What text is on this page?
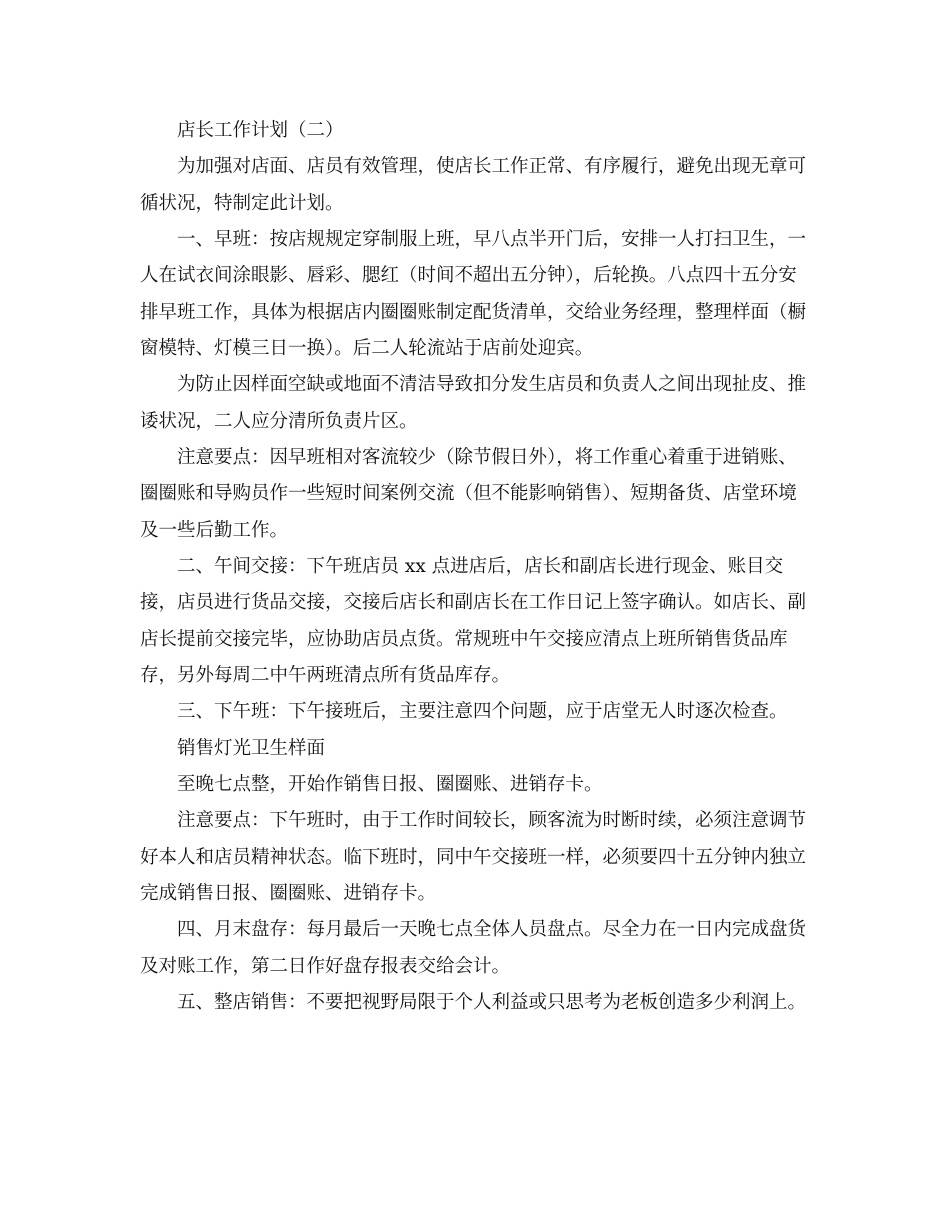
店长工作计划（二）
为加强对店面、店员有效管理，使店长工作正常、有序履行，避免出现无章可
循状况，特制定此计划。
一、早班：按店规规定穿制服上班，早八点半开门后，安排一人打扫卫生，一
人在试衣间涂眼影、唇彩、腮红（时间不超出五分钟），后轮换。八点四十五分安
排早班工作，具体为根据店内圈圈账制定配货清单，交给业务经理，整理样面（橱
窗模特、灯模三日一换）。后二人轮流站于店前处迎宾。
为防止因样面空缺或地面不清洁导致扣分发生店员和负责人之间出现扯皮、推
诿状况，二人应分清所负责片区。
注意要点：因早班相对客流较少（除节假日外），将工作重心着重于进销账、
圈圈账和导购员作一些短时间案例交流（但不能影响销售）、短期备货、店堂环境
及一些后勤工作。
二、午间交接：下午班店员 xx 点进店后，店长和副店长进行现金、账目交
接，店员进行货品交接，交接后店长和副店长在工作日记上签字确认。如店长、副
店长提前交接完毕，应协助店员点货。常规班中午交接应清点上班所销售货品库
存，另外每周二中午两班清点所有货品库存。
三、下午班：下午接班后，主要注意四个问题，应于店堂无人时逐次检查。
销售灯光卫生样面
至晚七点整，开始作销售日报、圈圈账、进销存卡。
注意要点：下午班时，由于工作时间较长，顾客流为时断时续，必须注意调节
好本人和店员精神状态。临下班时，同中午交接班一样，必须要四十五分钟内独立
完成销售日报、圈圈账、进销存卡。
四、月末盘存：每月最后一天晚七点全体人员盘点。尽全力在一日内完成盘货
及对账工作，第二日作好盘存报表交给会计。
五、整店销售：不要把视野局限于个人利益或只思考为老板创造多少利润上。
